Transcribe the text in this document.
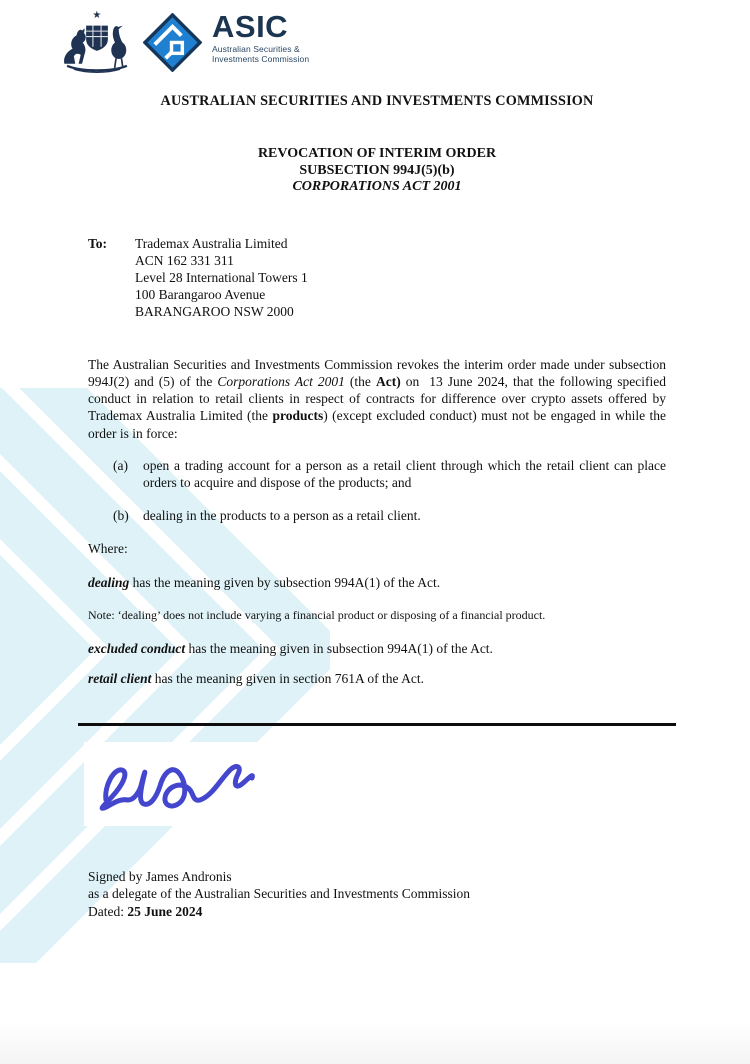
★	ASIC
Australian Securities &
Investments Commission
AUSTRALIAN SECURITIES AND INVESTMENTS COMMISSION
REVOCATION OF INTERIM ORDER
SUBSECTION 994J(5)(b)
CORPORATIONS ACT 2001
To:	Trademax Australia Limited
ACN 162 331 311
Level 28 International Towers 1
100 Barangaroo Avenue
BARANGAROO NSW 2000
The Australian Securities and Investments Commission revokes the interim order made under subsection 994J(2) and (5) of the Corporations Act 2001 (the Act) on  13 June 2024, that the following specified conduct in relation to retail clients in respect of contracts for difference over crypto assets offered by Trademax Australia Limited (the products) (except excluded conduct) must not be engaged in while the order is in force:
(a)	open a trading account for a person as a retail client through which the retail client can place orders to acquire and dispose of the products; and
(b)	dealing in the products to a person as a retail client.
Where:
dealing has the meaning given by subsection 994A(1) of the Act.
Note: ‘dealing’ does not include varying a financial product or disposing of a financial product.
excluded conduct has the meaning given in subsection 994A(1) of the Act.
retail client has the meaning given in section 761A of the Act.
Signed by James Andronis
as a delegate of the Australian Securities and Investments Commission
Dated: 25 June 2024
